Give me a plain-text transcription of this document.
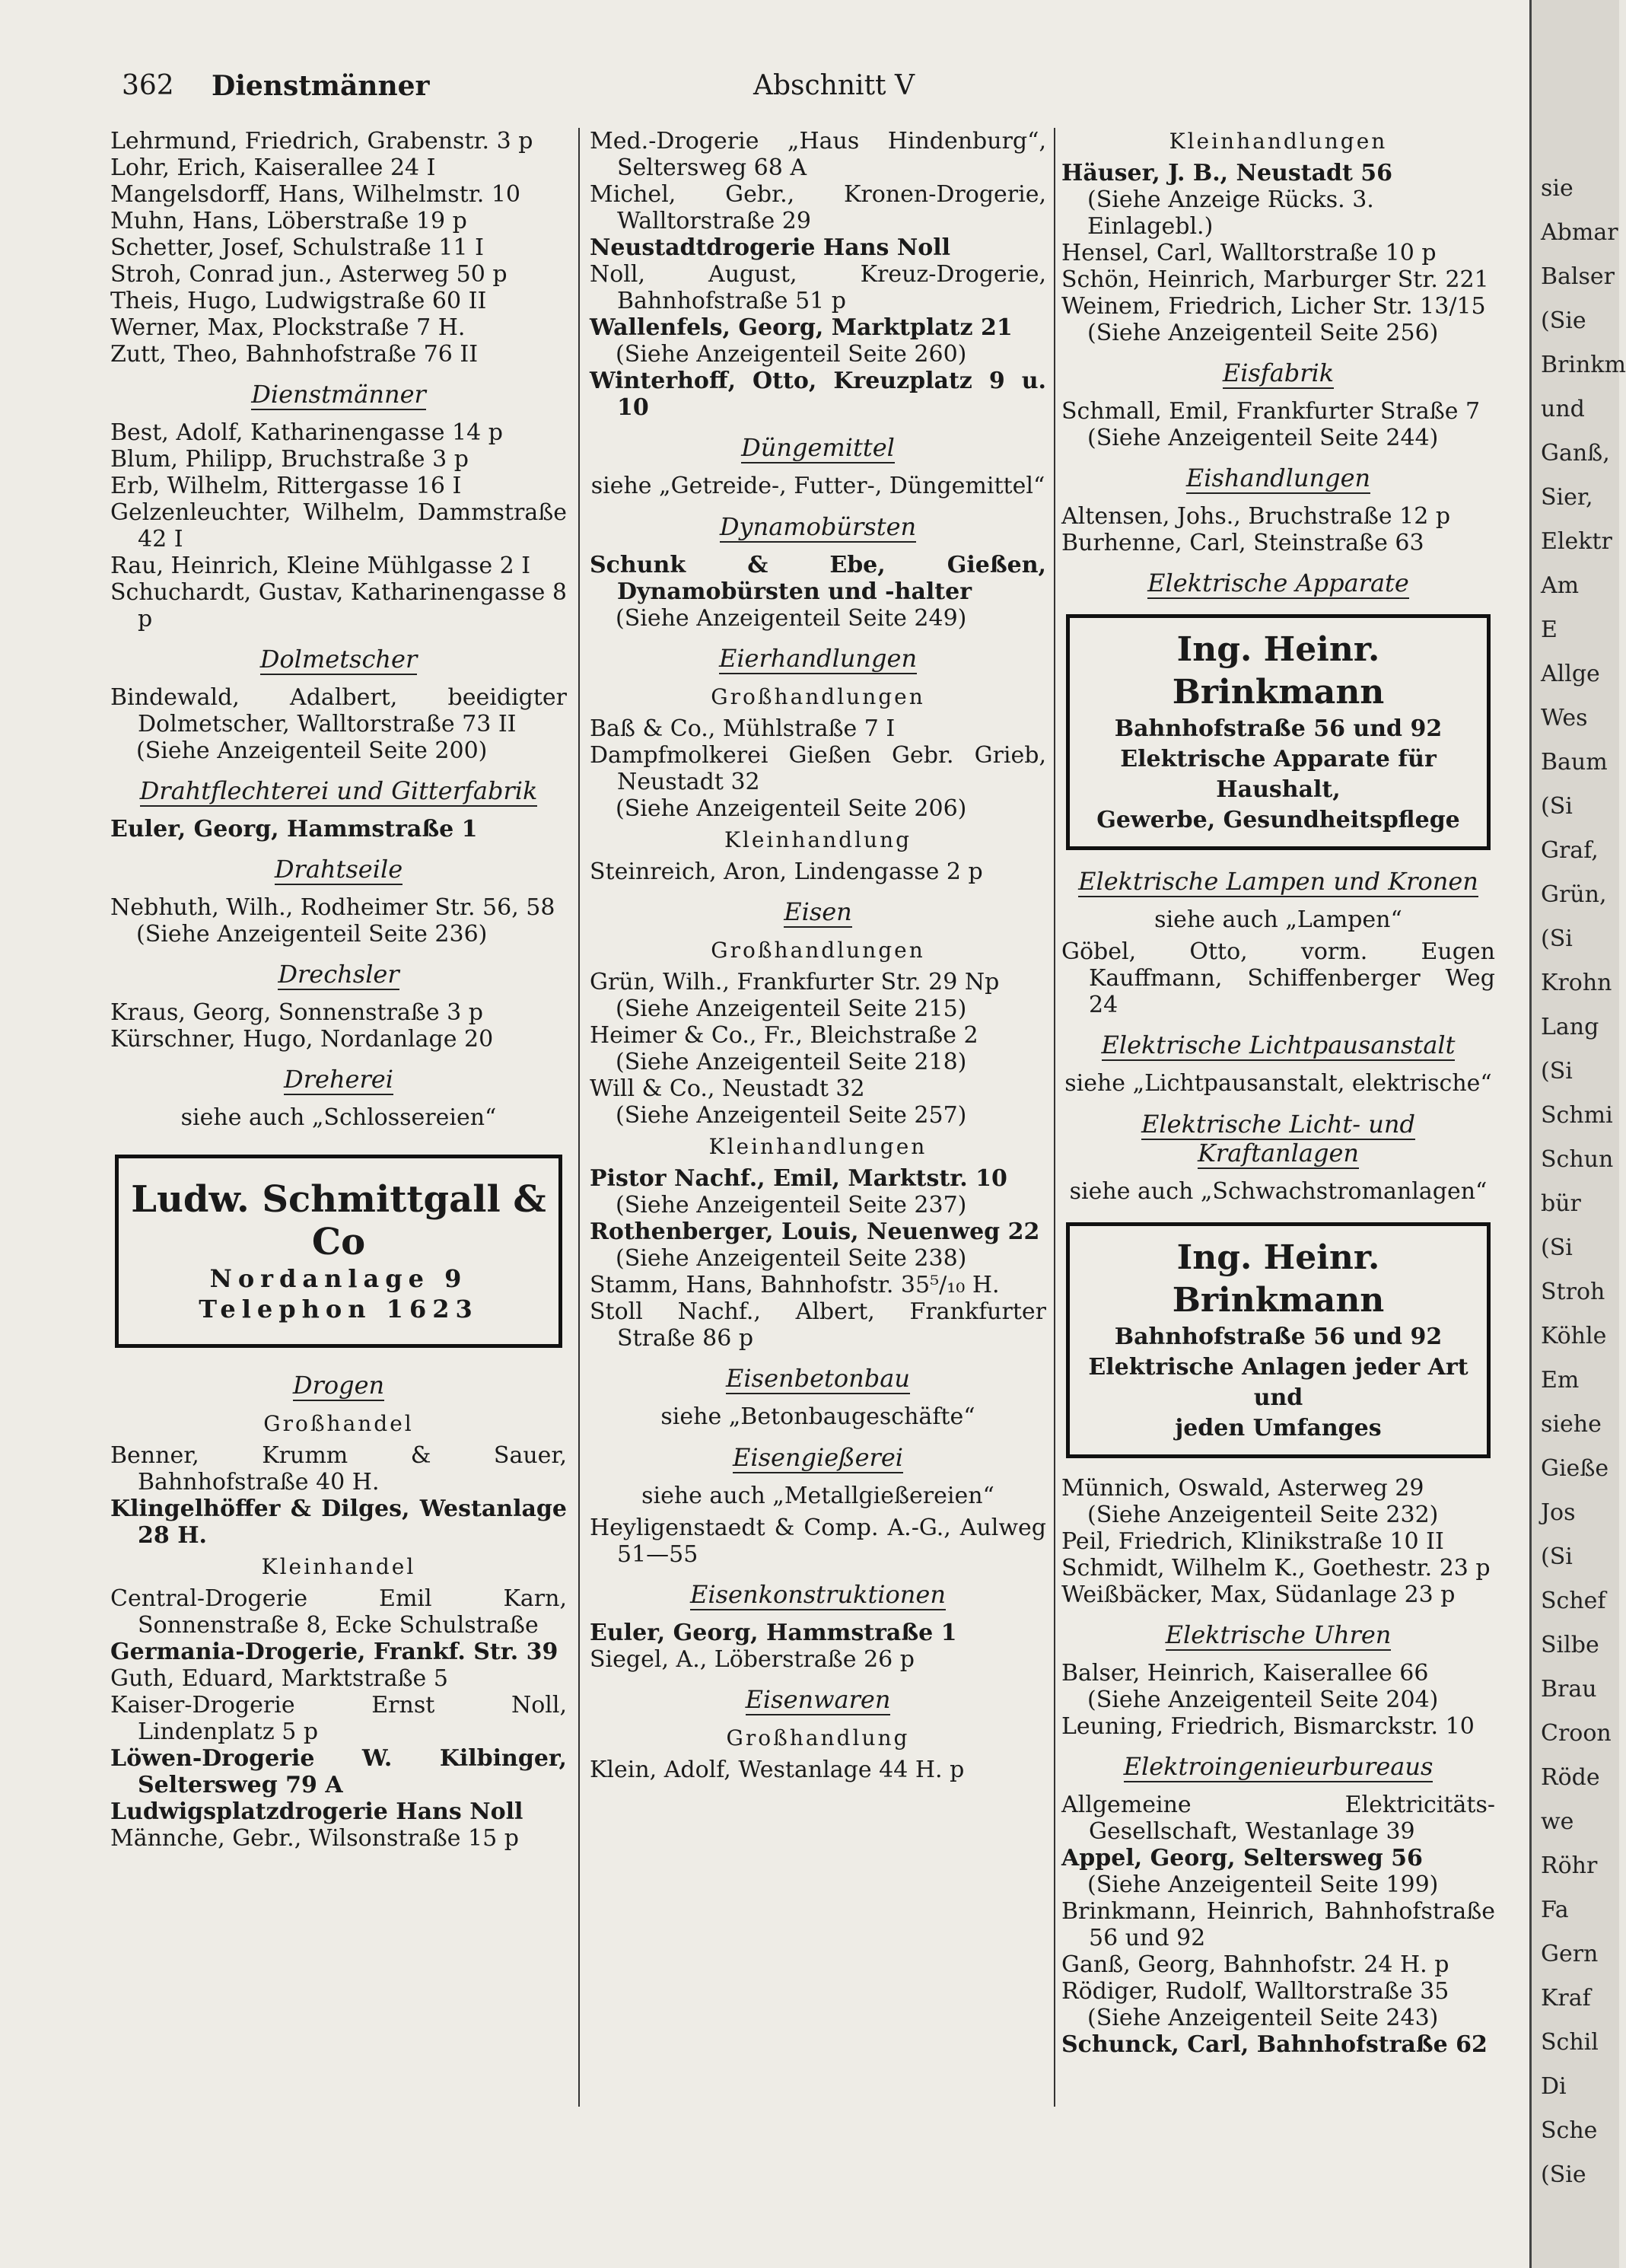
362 Dienstmänner	Abschnitt V

Lehrmund, Friedrich, Grabenstr. 3 p

Lohr, Erich, Kaiserallee 24 I

Mangelsdorff, Hans, Wilhelmstr. 10

Muhn, Hans, Löberstraße 19 p

Schetter, Josef, Schulstraße 11 I

Stroh, Conrad jun., Asterweg 50 p

Theis, Hugo, Ludwigstraße 60 II

Werner, Max, Plockstraße 7 H.

Zutt, Theo, Bahnhofstraße 76 II

Dienstmänner

Best, Adolf, Katharinengasse 14 p

Blum, Philipp, Bruchstraße 3 p

Erb, Wilhelm, Rittergasse 16 I

Gelzenleuchter, Wilhelm, Dammstraße 42 I

Rau, Heinrich, Kleine Mühlgasse 2 I

Schuchardt, Gustav, Katharinengasse 8 p

Dolmetscher

Bindewald, Adalbert, beeidigter Dolmetscher, Walltorstraße 73 II

(Siehe Anzeigenteil Seite 200)

Drahtflechterei und Gitterfabrik

Euler, Georg, Hammstraße 1

Drahtseile

Nebhuth, Wilh., Rodheimer Str. 56, 58

(Siehe Anzeigenteil Seite 236)

Drechsler

Kraus, Georg, Sonnenstraße 3 p

Kürschner, Hugo, Nordanlage 20

Dreherei
siehe auch „Schlossereien“
Ludw. Schmittgall & Co
Nordanlage 9
Telephon 1623
Drogen
Großhandel

Benner, Krumm & Sauer, Bahnhofstraße 40 H.

Klingelhöffer & Dilges, Westanlage 28 H.

Kleinhandel

Central-Drogerie Emil Karn, Sonnenstraße 8, Ecke Schulstraße

Germania-Drogerie, Frankf. Str. 39

Guth, Eduard, Marktstraße 5

Kaiser-Drogerie Ernst Noll, Lindenplatz 5 p

Löwen-Drogerie W. Kilbinger, Seltersweg 79 A

Ludwigsplatzdrogerie Hans Noll

Männche, Gebr., Wilsonstraße 15 p

Med.-Drogerie „Haus Hindenburg“, Seltersweg 68 A

Michel, Gebr., Kronen-Drogerie, Walltorstraße 29

Neustadtdrogerie Hans Noll

Noll, August, Kreuz-Drogerie, Bahnhofstraße 51 p

Wallenfels, Georg, Marktplatz 21

(Siehe Anzeigenteil Seite 260)

Winterhoff, Otto, Kreuzplatz 9 u. 10

Düngemittel
siehe „Getreide-, Futter-, Düngemittel“
Dynamobürsten

Schunk & Ebe, Gießen, Dynamobürsten und -halter

(Siehe Anzeigenteil Seite 249)

Eierhandlungen
Großhandlungen

Baß & Co., Mühlstraße 7 I

Dampfmolkerei Gießen Gebr. Grieb, Neustadt 32

(Siehe Anzeigenteil Seite 206)

Kleinhandlung

Steinreich, Aron, Lindengasse 2 p

Eisen
Großhandlungen

Grün, Wilh., Frankfurter Str. 29 Np

(Siehe Anzeigenteil Seite 215)

Heimer & Co., Fr., Bleichstraße 2

(Siehe Anzeigenteil Seite 218)

Will & Co., Neustadt 32

(Siehe Anzeigenteil Seite 257)

Kleinhandlungen

Pistor Nachf., Emil, Marktstr. 10

(Siehe Anzeigenteil Seite 237)

Rothenberger, Louis, Neuenweg 22

(Siehe Anzeigenteil Seite 238)

Stamm, Hans, Bahnhofstr. 35⁵/₁₀ H.

Stoll Nachf., Albert, Frankfurter Straße 86 p

Eisenbetonbau
siehe „Betonbaugeschäfte“
Eisengießerei
siehe auch „Metallgießereien“

Heyligenstaedt & Comp. A.-G., Aulweg 51—55

Eisenkonstruktionen

Euler, Georg, Hammstraße 1

Siegel, A., Löberstraße 26 p

Eisenwaren
Großhandlung

Klein, Adolf, Westanlage 44 H. p

Kleinhandlungen

Häuser, J. B., Neustadt 56

(Siehe Anzeige Rücks. 3. Einlagebl.)

Hensel, Carl, Walltorstraße 10 p

Schön, Heinrich, Marburger Str. 221

Weinem, Friedrich, Licher Str. 13/15

(Siehe Anzeigenteil Seite 256)

Eisfabrik

Schmall, Emil, Frankfurter Straße 7

(Siehe Anzeigenteil Seite 244)

Eishandlungen

Altensen, Johs., Bruchstraße 12 p

Burhenne, Carl, Steinstraße 63

Elektrische Apparate
Ing. Heinr. Brinkmann
Bahnhofstraße 56 und 92
Elektrische Apparate für Haushalt,
Gewerbe, Gesundheitspflege
Elektrische Lampen und Kronen
siehe auch „Lampen“

Göbel, Otto, vorm. Eugen Kauffmann, Schiffenberger Weg 24

Elektrische Lichtpausanstalt
siehe „Lichtpausanstalt, elektrische“
Elektrische Licht- und Kraftanlagen
siehe auch „Schwachstromanlagen“
Ing. Heinr. Brinkmann
Bahnhofstraße 56 und 92
Elektrische Anlagen jeder Art und
jeden Umfanges

Münnich, Oswald, Asterweg 29

(Siehe Anzeigenteil Seite 232)

Peil, Friedrich, Klinikstraße 10 II

Schmidt, Wilhelm K., Goethestr. 23 p

Weißbäcker, Max, Südanlage 23 p

Elektrische Uhren

Balser, Heinrich, Kaiserallee 66

(Siehe Anzeigenteil Seite 204)

Leuning, Friedrich, Bismarckstr. 10

Elektroingenieurbureaus

Allgemeine Elektricitäts-Gesellschaft, Westanlage 39

Appel, Georg, Seltersweg 56

(Siehe Anzeigenteil Seite 199)

Brinkmann, Heinrich, Bahnhofstraße 56 und 92

Ganß, Georg, Bahnhofstr. 24 H. p

Rödiger, Rudolf, Walltorstraße 35

(Siehe Anzeigenteil Seite 243)

Schunck, Carl, Bahnhofstraße 62

sie
Abmar
Balser
(Sie
Brinkm
und
Ganß,
Sier,
Elektr
Am
E
Allge
Wes
Baum
(Si
Graf,
Grün,
(Si
Krohn
Lang
(Si
Schmi
Schun
bür
(Si
Stroh
Köhle
Em
siehe
Gieße
Jos
(Si
Schef
Silbe
Brau
Croon
Röde
we
Röhr
Fa
Gern
Kraf
Schil
Di
Sche
(Sie
